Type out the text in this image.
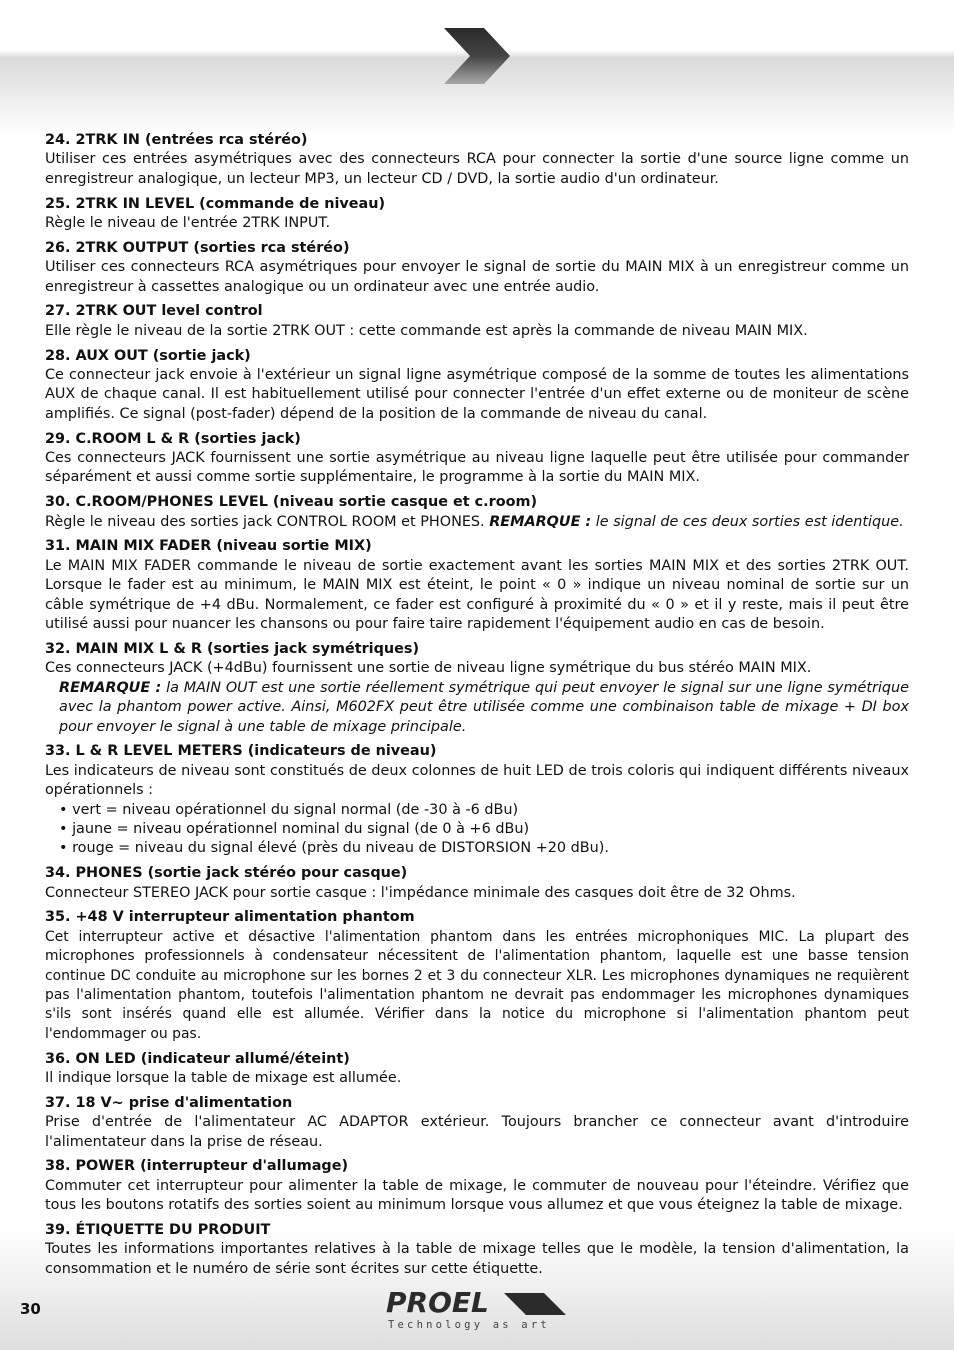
24. 2TRK IN (entrées rca stéréo)
Utiliser ces entrées asymétriques avec des connecteurs RCA pour connecter la sortie d'une source ligne comme un enregistreur analogique, un lecteur MP3, un lecteur CD / DVD, la sortie audio d'un ordinateur.
25. 2TRK IN LEVEL (commande de niveau)
Règle le niveau de l'entrée 2TRK INPUT.
26. 2TRK OUTPUT (sorties rca stéréo)
Utiliser ces connecteurs RCA asymétriques pour envoyer le signal de sortie du MAIN MIX à un enregistreur comme un enregistreur à cassettes analogique ou un ordinateur avec une entrée audio.
27. 2TRK OUT level control
Elle règle le niveau de la sortie 2TRK OUT : cette commande est après la commande de niveau MAIN MIX.
28. AUX OUT (sortie jack)
Ce connecteur jack envoie à l'extérieur un signal ligne asymétrique composé de la somme de toutes les alimentations AUX de chaque canal. Il est habituellement utilisé pour connecter l'entrée d'un effet externe ou de moniteur de scène amplifiés. Ce signal (post-fader) dépend de la position de la commande de niveau du canal.
29. C.ROOM L & R (sorties jack)
Ces connecteurs JACK fournissent une sortie asymétrique au niveau ligne laquelle peut être utilisée pour commander séparément et aussi comme sortie supplémentaire, le programme à la sortie du MAIN MIX.
30. C.ROOM/PHONES LEVEL (niveau sortie casque et c.room)
Règle le niveau des sorties jack CONTROL ROOM et PHONES. REMARQUE : le signal de ces deux sorties est identique.
31. MAIN MIX FADER (niveau sortie MIX)
Le MAIN MIX FADER commande le niveau de sortie exactement avant les sorties MAIN MIX et des sorties 2TRK OUT. Lorsque le fader est au minimum, le MAIN MIX est éteint, le point « 0 » indique un niveau nominal de sortie sur un câble symétrique de +4 dBu. Normalement, ce fader est configuré à proximité du « 0 » et il y reste, mais il peut être utilisé aussi pour nuancer les chansons ou pour faire taire rapidement l'équipement audio en cas de besoin.
32. MAIN MIX L & R (sorties jack symétriques)
Ces connecteurs JACK (+4dBu) fournissent une sortie de niveau ligne symétrique du bus stéréo MAIN MIX.
REMARQUE : la MAIN OUT est une sortie réellement symétrique qui peut envoyer le signal sur une ligne symétrique avec la phantom power active. Ainsi, M602FX peut être utilisée comme une combinaison table de mixage + DI box pour envoyer le signal à une table de mixage principale.
33. L & R LEVEL METERS (indicateurs de niveau)
Les indicateurs de niveau sont constitués de deux colonnes de huit LED de trois coloris qui indiquent différents niveaux opérationnels :
• vert = niveau opérationnel du signal normal (de -30 à -6 dBu)
• jaune = niveau opérationnel nominal du signal (de 0 à +6 dBu)
• rouge = niveau du signal élevé (près du niveau de DISTORSION +20 dBu).
34. PHONES (sortie jack stéréo pour casque)
Connecteur STEREO JACK pour sortie casque : l'impédance minimale des casques doit être de 32 Ohms.
35. +48 V interrupteur alimentation phantom
Cet interrupteur active et désactive l'alimentation phantom dans les entrées microphoniques MIC. La plupart des microphones professionnels à condensateur nécessitent de l'alimentation phantom, laquelle est une basse tension continue DC conduite au microphone sur les bornes 2 et 3 du connecteur XLR. Les microphones dynamiques ne requièrent pas l'alimentation phantom, toutefois l'alimentation phantom ne devrait pas endommager les microphones dynamiques s'ils sont insérés quand elle est allumée. Vérifier dans la notice du microphone si l'alimentation phantom peut l'endommager ou pas.
36. ON LED (indicateur allumé/éteint)
Il indique lorsque la table de mixage est allumée.
37. 18 V~ prise d'alimentation
Prise d'entrée de l'alimentateur AC ADAPTOR extérieur. Toujours brancher ce connecteur avant d'introduire l'alimentateur dans la prise de réseau.
38. POWER (interrupteur d'allumage)
Commuter cet interrupteur pour alimenter la table de mixage, le commuter de nouveau pour l'éteindre. Vérifiez que tous les boutons rotatifs des sorties soient au minimum lorsque vous allumez et que vous éteignez la table de mixage.
39. ÉTIQUETTE DU PRODUIT
Toutes les informations importantes relatives à la table de mixage telles que le modèle, la tension d'alimentation, la consommation et le numéro de série sont écrites sur cette étiquette.
30	PROEL
Technology as art
